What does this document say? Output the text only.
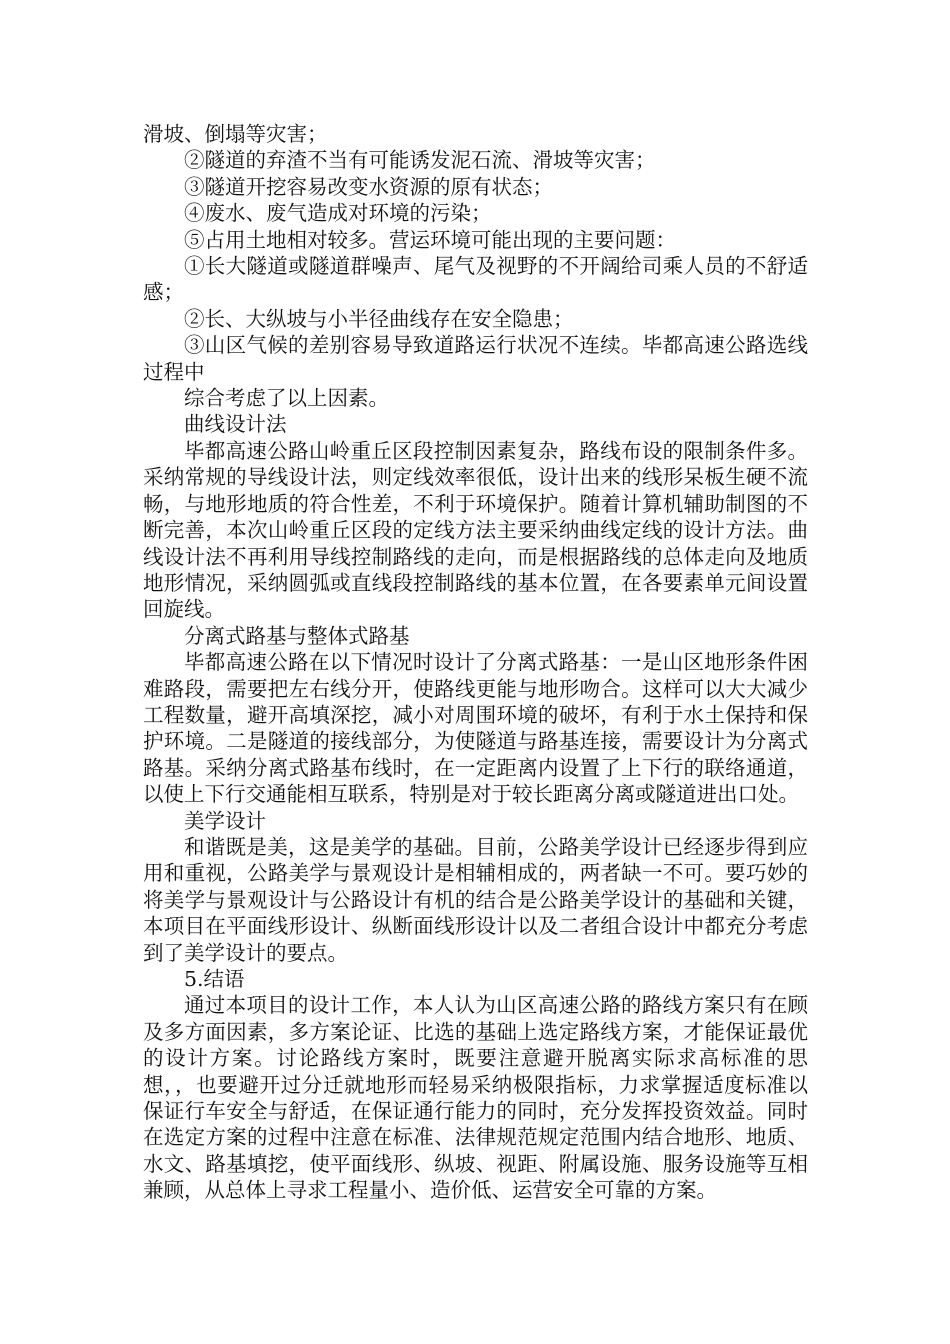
滑坡、倒塌等灾害；

②隧道的弃渣不当有可能诱发泥石流、滑坡等灾害；

③隧道开挖容易改变水资源的原有状态；

④废水、废气造成对环境的污染；

⑤占用土地相对较多。营运环境可能出现的主要问题：

①长大隧道或隧道群噪声、尾气及视野的不开阔给司乘人员的不舒适感；

②长、大纵坡与小半径曲线存在安全隐患；

③山区气候的差别容易导致道路运行状况不连续。毕都高速公路选线过程中

综合考虑了以上因素。

曲线设计法

毕都高速公路山岭重丘区段控制因素复杂，路线布设的限制条件多。采纳常规的导线设计法，则定线效率很低，设计出来的线形呆板生硬不流畅，与地形地质的符合性差，不利于环境保护。随着计算机辅助制图的不断完善，本次山岭重丘区段的定线方法主要采纳曲线定线的设计方法。曲线设计法不再利用导线控制路线的走向，而是根据路线的总体走向及地质地形情况，采纳圆弧或直线段控制路线的基本位置，在各要素单元间设置回旋线。

分离式路基与整体式路基

毕都高速公路在以下情况时设计了分离式路基：一是山区地形条件困难路段，需要把左右线分开，使路线更能与地形吻合。这样可以大大减少工程数量，避开高填深挖，减小对周围环境的破坏，有利于水土保持和保护环境。二是隧道的接线部分，为使隧道与路基连接，需要设计为分离式路基。采纳分离式路基布线时，在一定距离内设置了上下行的联络通道，以使上下行交通能相互联系，特别是对于较长距离分离或隧道进出口处。

美学设计

和谐既是美，这是美学的基础。目前，公路美学设计已经逐步得到应用和重视，公路美学与景观设计是相辅相成的，两者缺一不可。要巧妙的将美学与景观设计与公路设计有机的结合是公路美学设计的基础和关键，本项目在平面线形设计、纵断面线形设计以及二者组合设计中都充分考虑到了美学设计的要点。

5.结语

通过本项目的设计工作，本人认为山区高速公路的路线方案只有在顾及多方面因素，多方案论证、比选的基础上选定路线方案，才能保证最优的设计方案。讨论路线方案时，既要注意避开脱离实际求高标准的思想，，也要避开过分迁就地形而轻易采纳极限指标，力求掌握适度标准以保证行车安全与舒适，在保证通行能力的同时，充分发挥投资效益。同时在选定方案的过程中注意在标准、法律规范规定范围内结合地形、地质、水文、路基填挖，使平面线形、纵坡、视距、附属设施、服务设施等互相兼顾，从总体上寻求工程量小、造价低、运营安全可靠的方案。
